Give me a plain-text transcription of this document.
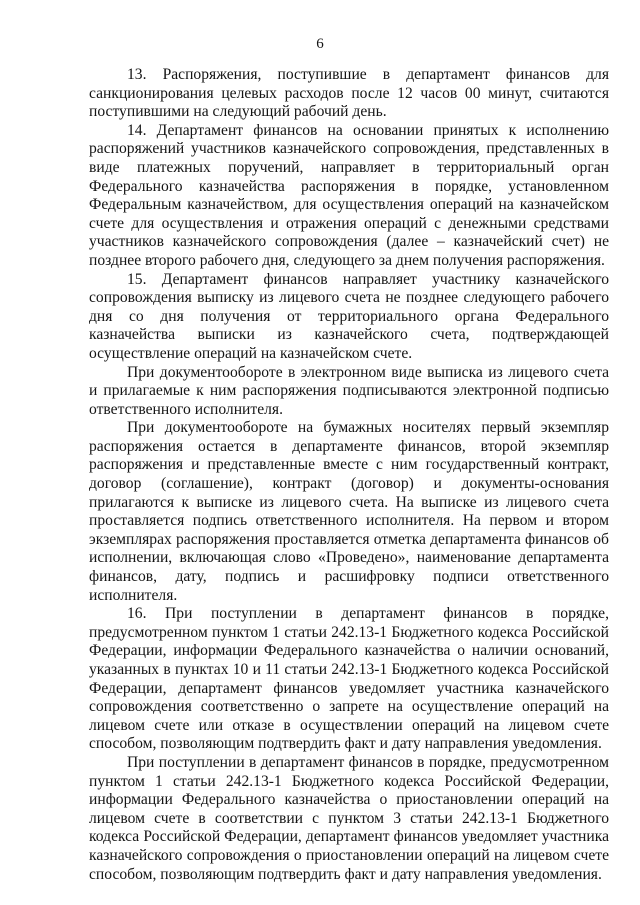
6

13. Распоряжения, поступившие в департамент финансов для санкционирования целевых расходов после 12 часов 00 минут, считаются поступившими на следующий рабочий день.

14. Департамент финансов на основании принятых к исполнению распоряжений участников казначейского сопровождения, представленных в виде платежных поручений, направляет в территориальный орган Федерального казначейства распоряжения в порядке, установленном Федеральным казначейством, для осуществления операций на казначейском счете для осуществления и отражения операций с денежными средствами участников казначейского сопровождения (далее – казначейский счет) не позднее второго рабочего дня, следующего за днем получения распоряжения.

15. Департамент финансов направляет участнику казначейского сопровождения выписку из лицевого счета не позднее следующего рабочего дня со дня получения от территориального органа Федерального казначейства выписки из казначейского счета, подтверждающей осуществление операций на казначейском счете.

При документообороте в электронном виде выписка из лицевого счета и прилагаемые к ним распоряжения подписываются электронной подписью ответственного исполнителя.

При документообороте на бумажных носителях первый экземпляр распоряжения остается в департаменте финансов, второй экземпляр распоряжения и представленные вместе с ним государственный контракт, договор (соглашение), контракт (договор) и документы-основания прилагаются к выписке из лицевого счета. На выписке из лицевого счета проставляется подпись ответственного исполнителя. На первом и втором экземплярах распоряжения проставляется отметка департамента финансов об исполнении, включающая слово «Проведено», наименование департамента финансов, дату, подпись и расшифровку подписи ответственного исполнителя.

16. При поступлении в департамент финансов в порядке, предусмотренном пунктом 1 статьи 242.13-1 Бюджетного кодекса Российской Федерации, информации Федерального казначейства о наличии оснований, указанных в пунктах 10 и 11 статьи 242.13-1 Бюджетного кодекса Российской Федерации, департамент финансов уведомляет участника казначейского сопровождения соответственно о запрете на осуществление операций на лицевом счете или отказе в осуществлении операций на лицевом счете способом, позволяющим подтвердить факт и дату направления уведомления.

При поступлении в департамент финансов в порядке, предусмотренном пунктом 1 статьи 242.13-1 Бюджетного кодекса Российской Федерации, информации Федерального казначейства о приостановлении операций на лицевом счете в соответствии с пунктом 3 статьи 242.13-1 Бюджетного кодекса Российской Федерации, департамент финансов уведомляет участника казначейского сопровождения о приостановлении операций на лицевом счете способом, позволяющим подтвердить факт и дату направления уведомления.
